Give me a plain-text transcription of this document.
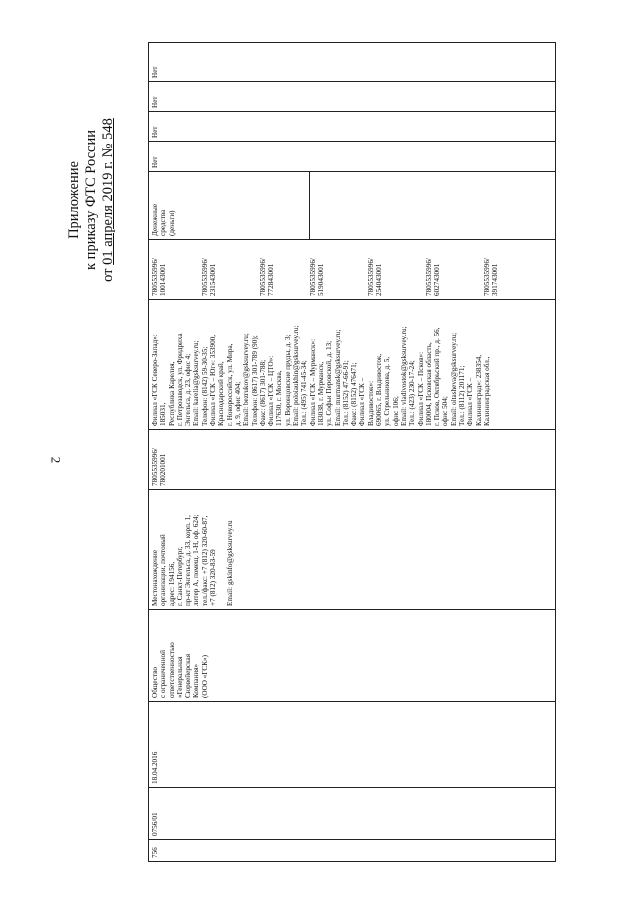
2
Приложение к приказу ФТС России
от 01 апреля 2019 г. № 548
756
0756/01
18.04.2016
Общество
с ограниченной
ответственностью
«Генеральная
Сюрвейерская
Компания»
(ООО «ГСК»)
Местонахождение
организации, почтовый
адрес: 194156,
г. Санкт-Петербург,
пр-кт Энгельса, д. 33, корп. 1,
литер А, помещ. 1-Н, оф. 624;
тел./факс: +7 (812) 320-60-87,
+7 (812) 320-83-59

Email: gskinfo@gsksurvey.ru
7805535996/
780201001
Филиал «ГСК Северо-Запад»:
185031,
Республика Карелия,
г. Петрозаводск, ул. Фридриха
Энгельса, д. 23, офис 4;
Email: karelia@gsksurvey.ru;
Телефон: (8142) 59-30-35;
Филиал «ГСК – Юг»: 353900,
Краснодарский край,
г. Новороссийск, ул. Мира,
д. 9, офис 404;
Email: bezrukov@gsksurvey.ru;
Телефон: (8617) 301-789 (90);
Факс: (8617) 301-788;
Филиал «ГСК – ЦТО»:
117630, г. Москва,
ул. Воронцовские пруды, д. 3;
Email: poloiaukhin@gsksurvey.ru;
Тел.: (495) 741-45-34;
Филиал «ГСК – Мурманск»:
183038, г. Мурманск,
ул. Софьи Перовской, д. 13;
Email: murmansk@gsksurvey.ru;
Тел.: (8152) 47-66-91;
Факс: (8152) 476471;
Филиал «ГСК –
Владивосток»:
690065, г. Владивосток,
ул. Стрельникова, д. 5,
офис 106;
Email: vladivostok@gsksurvey.ru;
Тел.: (423) 230-17-24;
Филиал «ГСК – Псков»:
180004, Псковская область,
г. Псков, Октябрьский пр., д. 56,
офис 504;
Email: oltasheva@gsksurvey.ru;
Тел.: (8112) 201171;
Филиал «ГСК –
Калининград»: 238354,
Калининградская обл.,
7805535996/
100143001

7805535996/
231543001

7805535996/
772843001

7805535996/
519043001

7805535996/
254043001

7805535996/
602743001

7805535996/
391743001
Денежные
средства
(деньги)
Нет
Нет
Нет
Нет
